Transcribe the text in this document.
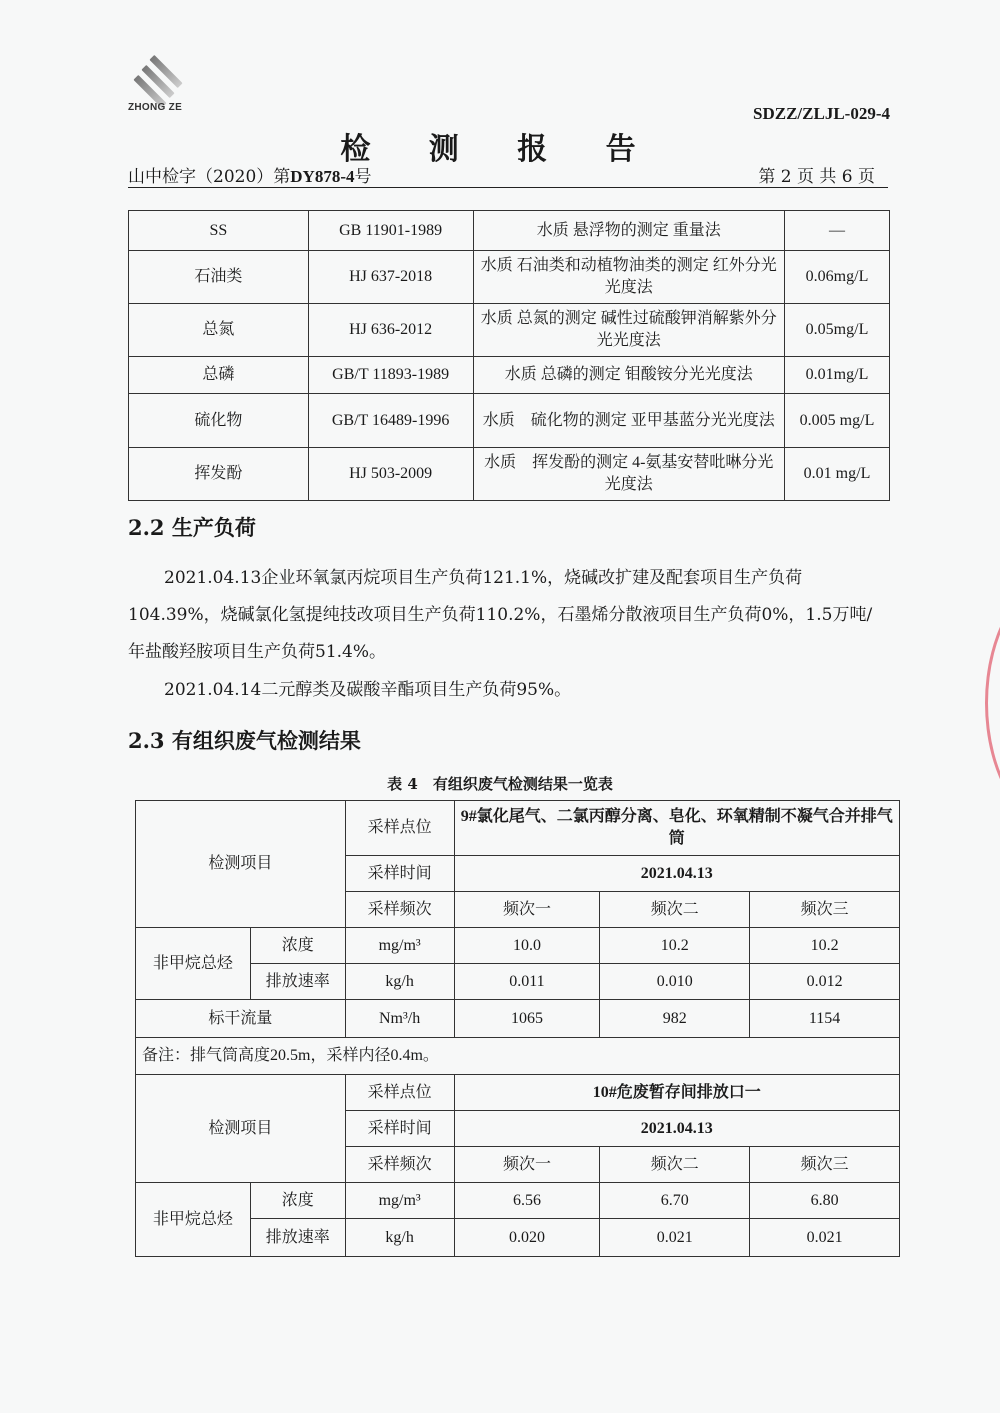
ZHONG ZE	SDZZ/ZLJL-029-4
检 测 报 告
山中检字（2020）第DY878-4号	第 2 页 共 6 页
SS	GB 11901-1989	水质 悬浮物的测定 重量法	—
石油类	HJ 637-2018	水质 石油类和动植物油类的测定 红外分光光度法	0.06mg/L
总氮	HJ 636-2012	水质 总氮的测定 碱性过硫酸钾消解紫外分光光度法	0.05mg/L
总磷	GB/T 11893-1989	水质 总磷的测定 钼酸铵分光光度法	0.01mg/L
硫化物	GB/T 16489-1996	水质　硫化物的测定 亚甲基蓝分光光度法	0.005 mg/L
挥发酚	HJ 503-2009	水质　挥发酚的测定 4-氨基安替吡啉分光光度法	0.01 mg/L
2.2 生产负荷
2021.04.13企业环氧氯丙烷项目生产负荷121.1%，烧碱改扩建及配套项目生产负荷104.39%，烧碱氯化氢提纯技改项目生产负荷110.2%，石墨烯分散液项目生产负荷0%，1.5万吨/年盐酸羟胺项目生产负荷51.4%。
2021.04.14二元醇类及碳酸辛酯项目生产负荷95%。
2.3 有组织废气检测结果
表 4　有组织废气检测结果一览表
检测项目		采样点位	9#氯化尾气、二氯丙醇分离、皂化、环氧精制不凝气合并排气筒		
		采样时间	2021.04.13		
		采样频次	频次一	频次二	频次三
非甲烷总烃	浓度	mg/m³	10.0	10.2	10.2
	排放速率	kg/h	0.011	0.010	0.012
标干流量		Nm³/h	1065	982	1154
备注：排气筒高度20.5m，采样内径0.4m。					
检测项目		采样点位	10#危废暂存间排放口一		
		采样时间	2021.04.13		
		采样频次	频次一	频次二	频次三
非甲烷总烃	浓度	mg/m³	6.56	6.70	6.80
	排放速率	kg/h	0.020	0.021	0.021
